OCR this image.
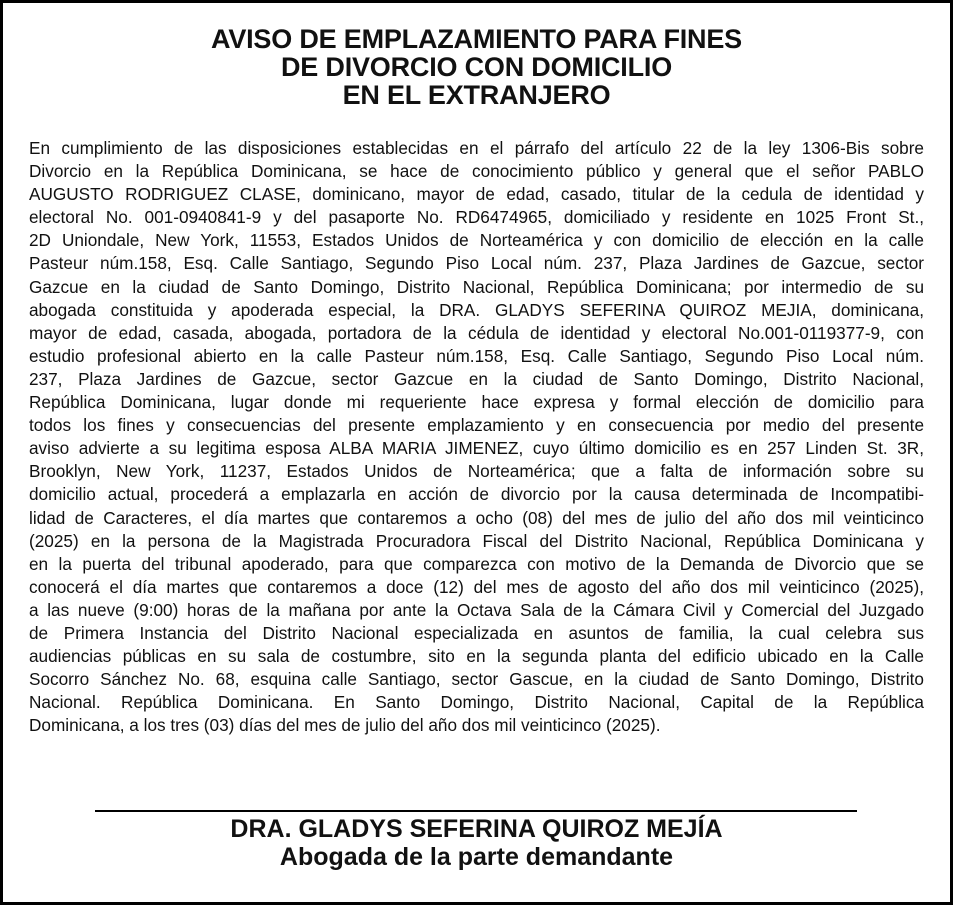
AVISO DE EMPLAZAMIENTO PARA FINES
DE DIVORCIO CON DOMICILIO
EN EL EXTRANJERO
En cumplimiento de las disposiciones establecidas en el párrafo del artículo 22 de la ley 1306-Bis sobre
Divorcio en la República Dominicana, se hace de conocimiento público y general que el señor PABLO
AUGUSTO RODRIGUEZ CLASE, dominicano, mayor de edad, casado, titular de la cedula de identidad y
electoral No. 001-0940841-9 y del pasaporte No. RD6474965, domiciliado y residente en 1025 Front St.,
2D Uniondale, New York, 11553, Estados Unidos de Norteamérica y con domicilio de elección en la calle
Pasteur núm.158, Esq. Calle Santiago, Segundo Piso Local núm. 237, Plaza Jardines de Gazcue, sector
Gazcue en la ciudad de Santo Domingo, Distrito Nacional, República Dominicana; por intermedio de su
abogada constituida y apoderada especial, la DRA. GLADYS SEFERINA QUIROZ MEJIA, dominicana,
mayor de edad, casada, abogada, portadora de la cédula de identidad y electoral No.001-0119377-9, con
estudio profesional abierto en la calle Pasteur núm.158, Esq. Calle Santiago, Segundo Piso Local núm.
237, Plaza Jardines de Gazcue, sector Gazcue en la ciudad de Santo Domingo, Distrito Nacional,
República Dominicana, lugar donde mi requeriente hace expresa y formal elección de domicilio para
todos los fines y consecuencias del presente emplazamiento y en consecuencia por medio del presente
aviso advierte a su legitima esposa ALBA MARIA JIMENEZ, cuyo último domicilio es en 257 Linden St. 3R,
Brooklyn, New York, 11237, Estados Unidos de Norteamérica; que a falta de información sobre su
domicilio actual, procederá a emplazarla en acción de divorcio por la causa determinada de Incompatibi-
lidad de Caracteres, el día martes que contaremos a ocho (08) del mes de julio del año dos mil veinticinco
(2025) en la persona de la Magistrada Procuradora Fiscal del Distrito Nacional, República Dominicana y
en la puerta del tribunal apoderado, para que comparezca con motivo de la Demanda de Divorcio que se
conocerá el día martes que contaremos a doce (12) del mes de agosto del año dos mil veinticinco (2025),
a las nueve (9:00) horas de la mañana por ante la Octava Sala de la Cámara Civil y Comercial del Juzgado
de Primera Instancia del Distrito Nacional especializada en asuntos de familia, la cual celebra sus
audiencias públicas en su sala de costumbre, sito en la segunda planta del edificio ubicado en la Calle
Socorro Sánchez No. 68, esquina calle Santiago, sector Gascue, en la ciudad de Santo Domingo, Distrito
Nacional. República Dominicana. En Santo Domingo, Distrito Nacional, Capital de la República
Dominicana, a los tres (03) días del mes de julio del año dos mil veinticinco (2025).
DRA. GLADYS SEFERINA QUIROZ MEJÍA
Abogada de la parte demandante
